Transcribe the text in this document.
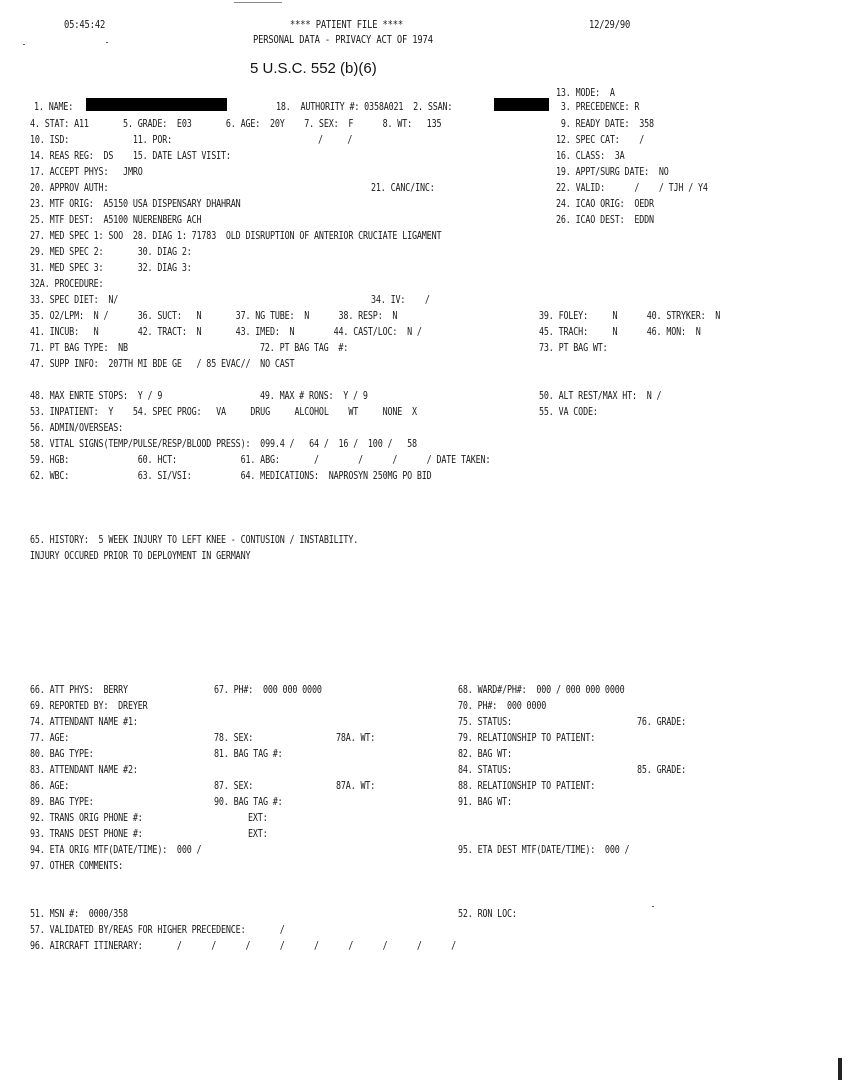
05:45:42	**** PATIENT FILE ****
PERSONAL DATA - PRIVACY ACT OF 1974
12/29/90
5 U.S.C. 552 (b)(6)
13. MODE:  A
1. NAME:	18.  AUTHORITY #: 0358A021  2. SSAN:	3. PRECEDENCE: R
4. STAT: A11       5. GRADE:  E03       6. AGE:  20Y    7. SEX:  F      8. WT:   135	9. READY DATE:  358
10. ISD:             11. POR:	/     /	12. SPEC CAT:    /
14. REAS REG:  DS    15. DATE LAST VISIT:	16. CLASS:  3A
17. ACCEPT PHYS:   JMRO	19. APPT/SURG DATE:  NO
20. APPROV AUTH:	21. CANC/INC:	22. VALID:      /    / TJH / Y4
23. MTF ORIG:  A5150 USA DISPENSARY DHAHRAN	24. ICAO ORIG:  OEDR
25. MTF DEST:  A5100 NUERENBERG ACH	26. ICAO DEST:  EDDN
27. MED SPEC 1: SOO  28. DIAG 1: 71783  OLD DISRUPTION OF ANTERIOR CRUCIATE LIGAMENT
29. MED SPEC 2:       30. DIAG 2:
31. MED SPEC 3:       32. DIAG 3:
32A. PROCEDURE:
33. SPEC DIET:  N/	34. IV:    /
35. O2/LPM:  N /      36. SUCT:   N       37. NG TUBE:  N      38. RESP:  N	39. FOLEY:     N      40. STRYKER:  N
41. INCUB:   N        42. TRACT:  N       43. IMED:  N        44. CAST/LOC:  N /	45. TRACH:     N      46. MON:  N
71. PT BAG TYPE:  NB	72. PT BAG TAG  #:	73. PT BAG WT:
47. SUPP INFO:  207TH MI BDE GE   / 85 EVAC//  NO CAST
48. MAX ENRTE STOPS:  Y / 9	49. MAX # RONS:  Y / 9	50. ALT REST/MAX HT:  N /
53. INPATIENT:  Y    54. SPEC PROG:   VA     DRUG     ALCOHOL    WT     NONE  X	55. VA CODE:
56. ADMIN/OVERSEAS:
58. VITAL SIGNS(TEMP/PULSE/RESP/BLOOD PRESS):  099.4 /   64 /  16 /  100 /   58
59. HGB:              60. HCT:             61. ABG:       /        /      /      / DATE TAKEN:
62. WBC:              63. SI/VSI:          64. MEDICATIONS:  NAPROSYN 250MG PO BID
65. HISTORY:  5 WEEK INJURY TO LEFT KNEE - CONTUSION / INSTABILITY.
INJURY OCCURED PRIOR TO DEPLOYMENT IN GERMANY
66. ATT PHYS:  BERRY	67. PH#:  000 000 0000	68. WARD#/PH#:  000 / 000 000 0000
69. REPORTED BY:  DREYER	70. PH#:  000 0000
74. ATTENDANT NAME #1:	75. STATUS:	76. GRADE:
77. AGE:	78. SEX:	78A. WT:	79. RELATIONSHIP TO PATIENT:
80. BAG TYPE:	81. BAG TAG #:	82. BAG WT:
83. ATTENDANT NAME #2:	84. STATUS:	85. GRADE:
86. AGE:	87. SEX:	87A. WT:	88. RELATIONSHIP TO PATIENT:
89. BAG TYPE:	90. BAG TAG #:	91. BAG WT:
92. TRANS ORIG PHONE #:	EXT:
93. TRANS DEST PHONE #:	EXT:
94. ETA ORIG MTF(DATE/TIME):  000 /	95. ETA DEST MTF(DATE/TIME):  000 /
97. OTHER COMMENTS:
51. MSN #:  0000/358	52. RON LOC:
57. VALIDATED BY/REAS FOR HIGHER PRECEDENCE:       /
96. AIRCRAFT ITINERARY:       /      /      /      /      /      /      /      /      /
